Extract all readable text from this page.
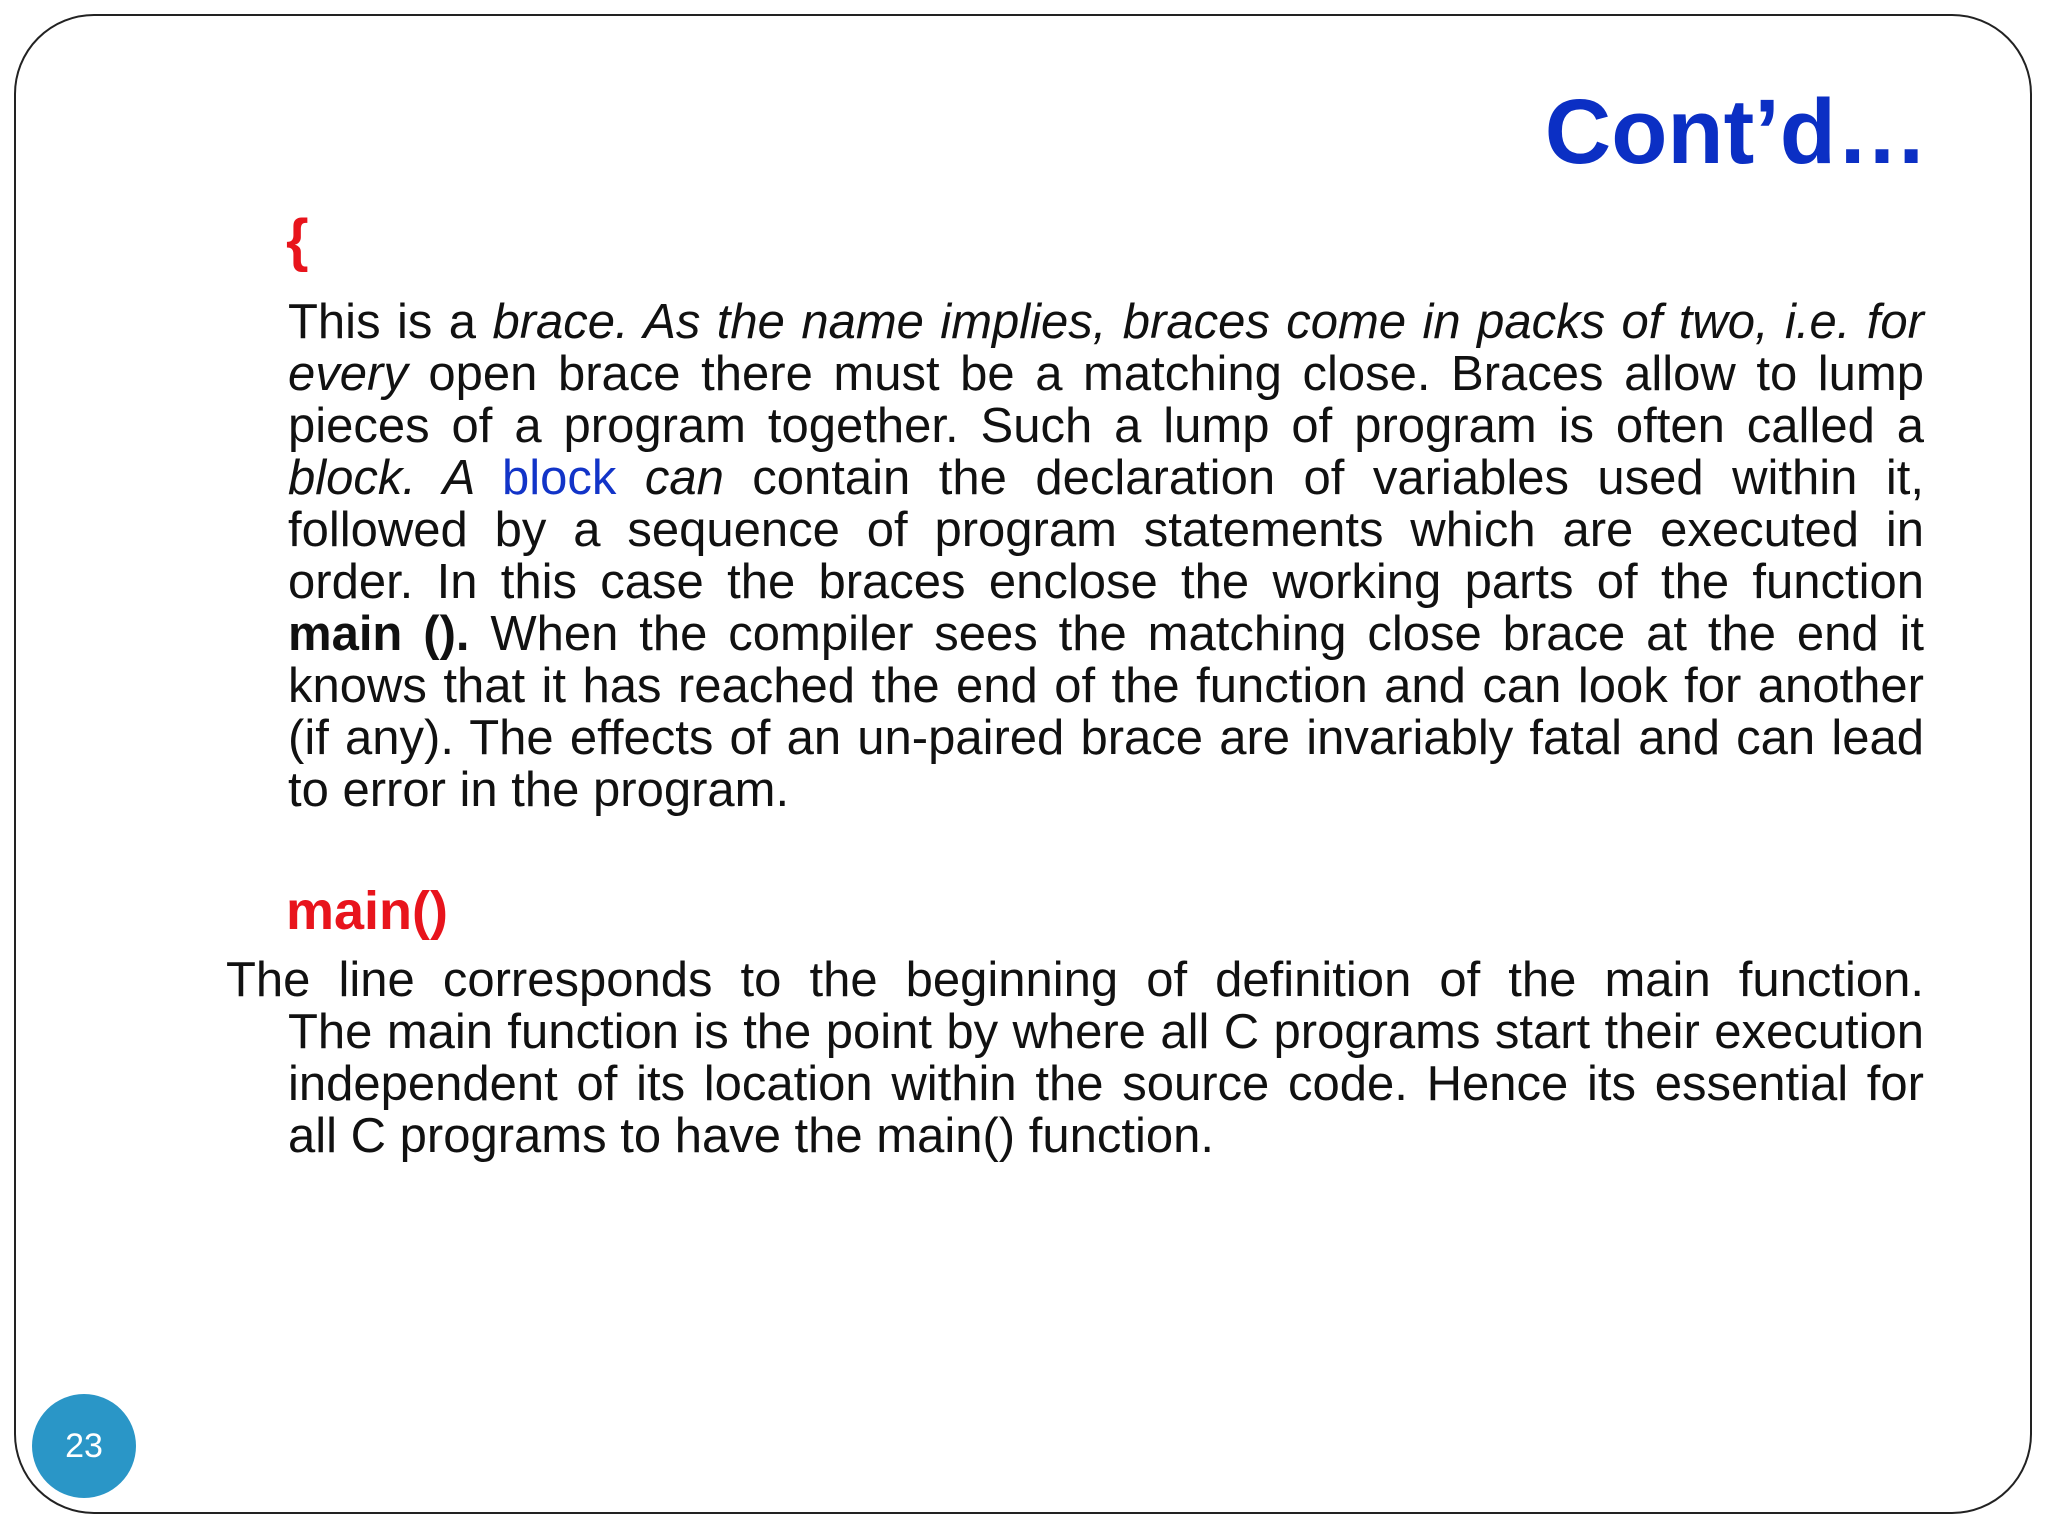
Cont’d…
{

This is a brace. As the name implies, braces come in packs of two, i.e. for every open brace there must be a matching close. Braces allow to lump pieces of a program together. Such a lump of program is often called a block. A block can contain the declaration of variables used within it, followed by a sequence of program statements which are executed in order. In this case the braces enclose the working parts of the function main (). When the compiler sees the matching close brace at the end it knows that it has reached the end of the function and can look for another (if any). The effects of an un-paired brace are invariably fatal and can lead to error in the program.

main()

The line corresponds to the beginning of definition of the main function.
The main function is the point by where all C programs start their execution independent of its location within the source code. Hence its essential for all C programs to have the main() function.

23
